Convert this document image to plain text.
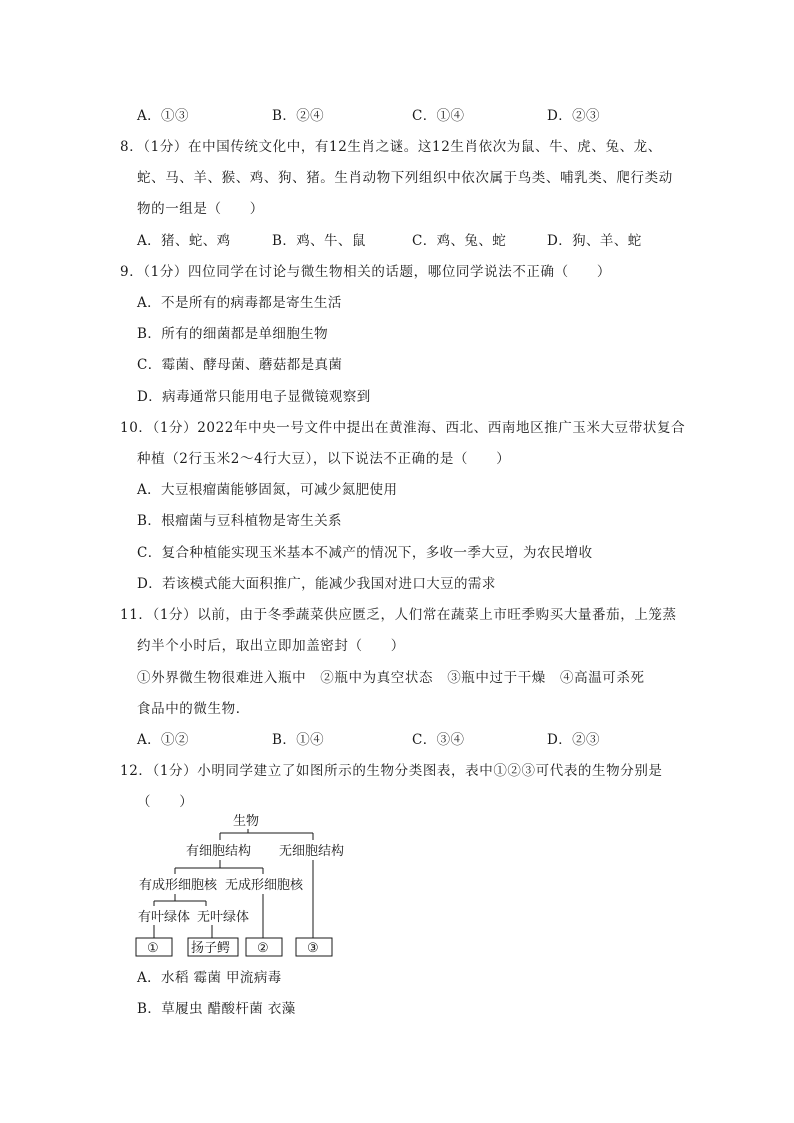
A．①③	B．②④	C．①④	D．②③
8．（1分）在中国传统文化中，有12生肖之谜。这12生肖依次为鼠、牛、虎、兔、龙、
蛇、马、羊、猴、鸡、狗、猪。生肖动物下列组织中依次属于鸟类、哺乳类、爬行类动
物的一组是（　　）
A．猪、蛇、鸡	B．鸡、牛、鼠	C．鸡、兔、蛇	D．狗、羊、蛇
9．（1分）四位同学在讨论与微生物相关的话题，哪位同学说法不正确（　　）
A．不是所有的病毒都是寄生生活
B．所有的细菌都是单细胞生物
C．霉菌、酵母菌、蘑菇都是真菌
D．病毒通常只能用电子显微镜观察到
10．（1分）2022年中央一号文件中提出在黄淮海、西北、西南地区推广玉米大豆带状复合
种植（2行玉米2～4行大豆），以下说法不正确的是（　　）
A．大豆根瘤菌能够固氮，可减少氮肥使用
B．根瘤菌与豆科植物是寄生关系
C．复合种植能实现玉米基本不减产的情况下，多收一季大豆，为农民增收
D．若该模式能大面积推广，能减少我国对进口大豆的需求
11．（1分）以前，由于冬季蔬菜供应匮乏，人们常在蔬菜上市旺季购买大量番茄，上笼蒸
约半个小时后，取出立即加盖密封（　　）
①外界微生物很难进入瓶中　②瓶中为真空状态　③瓶中过于干燥　④高温可杀死
食品中的微生物．
A．①②	B．①④	C．③④	D．②③
12．（1分）小明同学建立了如图所示的生物分类图表，表中①②③可代表的生物分别是
（　　）
生物
有细胞结构 无细胞结构
有成形细胞核 无成形细胞核
有叶绿体 无叶绿体
① 扬子鳄 ②	③
A．水稻 霉菌 甲流病毒
B．草履虫 醋酸杆菌 衣藻
